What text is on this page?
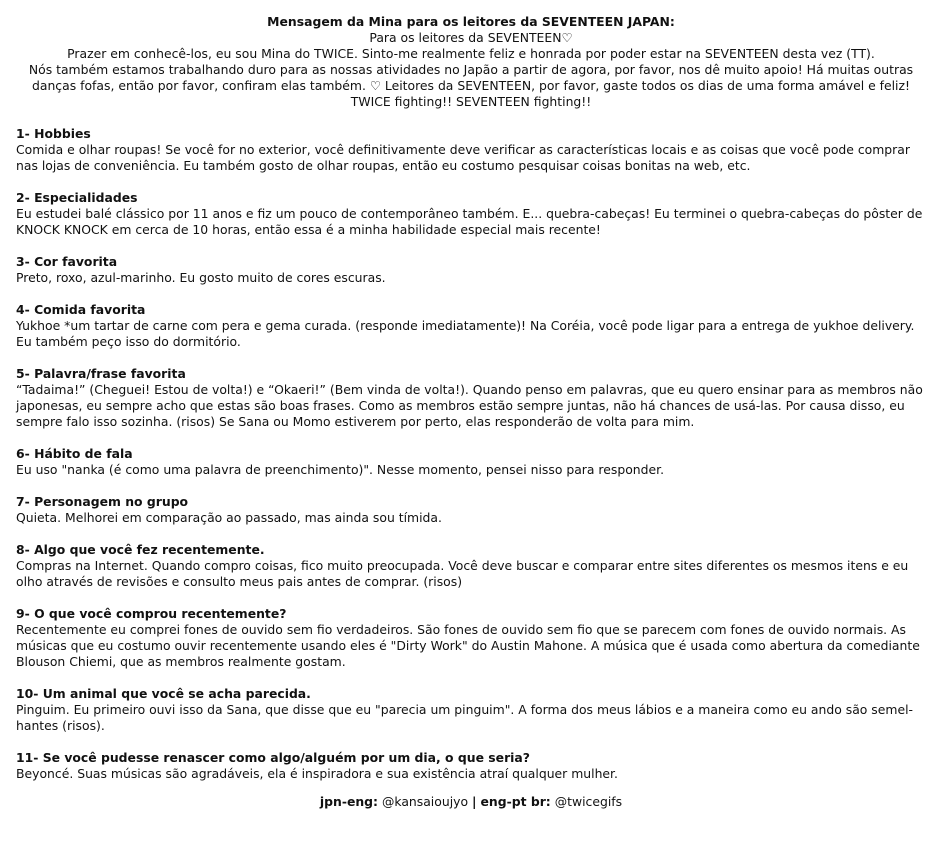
Mensagem da Mina para os leitores da SEVENTEEN JAPAN:
Para os leitores da SEVENTEEN♡
Prazer em conhecê-los, eu sou Mina do TWICE. Sinto-me realmente feliz e honrada por poder estar na SEVENTEEN desta vez (TT).
Nós também estamos trabalhando duro para as nossas atividades no Japão a partir de agora, por favor, nos dê muito apoio! Há muitas outras danças fofas, então por favor, confiram elas também. ♡ Leitores da SEVENTEEN, por favor, gaste todos os dias de uma forma amável e feliz!
TWICE fighting!! SEVENTEEN fighting!!
1- Hobbies
Comida e olhar roupas! Se você for no exterior, você definitivamente deve verificar as características locais e as coisas que você pode comprar nas lojas de conveniência. Eu também gosto de olhar roupas, então eu costumo pesquisar coisas bonitas na web, etc.
2- Especialidades
Eu estudei balé clássico por 11 anos e fiz um pouco de contemporâneo também. E... quebra-cabeças! Eu terminei o quebra-cabeças do pôster de KNOCK KNOCK em cerca de 10 horas, então essa é a minha habilidade especial mais recente!
3- Cor favorita
Preto, roxo, azul-marinho. Eu gosto muito de cores escuras.
4- Comida favorita
Yukhoe *um tartar de carne com pera e gema curada. (responde imediatamente)! Na Coréia, você pode ligar para a entrega de yukhoe delivery. Eu também peço isso do dormitório.
5- Palavra/frase favorita
“Tadaima!” (Cheguei! Estou de volta!) e “Okaeri!” (Bem vinda de volta!). Quando penso em palavras, que eu quero ensinar para as membros não japonesas, eu sempre acho que estas são boas frases. Como as membros estão sempre juntas, não há chances de usá-las. Por causa disso, eu sempre falo isso sozinha. (risos) Se Sana ou Momo estiverem por perto, elas responderão de volta para mim.
6- Hábito de fala
Eu uso "nanka (é como uma palavra de preenchimento)". Nesse momento, pensei nisso para responder.
7- Personagem no grupo
Quieta. Melhorei em comparação ao passado, mas ainda sou tímida.
8- Algo que você fez recentemente.
Compras na Internet. Quando compro coisas, fico muito preocupada. Você deve buscar e comparar entre sites diferentes os mesmos itens e eu olho através de revisões e consulto meus pais antes de comprar. (risos)
9- O que você comprou recentemente?
Recentemente eu comprei fones de ouvido sem fio verdadeiros. São fones de ouvido sem fio que se parecem com fones de ouvido normais. As músicas que eu costumo ouvir recentemente usando eles é "Dirty Work" do Austin Mahone. A música que é usada como abertura da comediante Blouson Chiemi, que as membros realmente gostam.
10- Um animal que você se acha parecida.
Pinguim. Eu primeiro ouvi isso da Sana, que disse que eu "parecia um pinguim". A forma dos meus lábios e a maneira como eu ando são semel-hantes (risos).
11- Se você pudesse renascer como algo/alguém por um dia, o que seria?
Beyoncé. Suas músicas são agradáveis, ela é inspiradora e sua existência atraí qualquer mulher.
jpn-eng: @kansaioujyo | eng-pt br: @twicegifs
